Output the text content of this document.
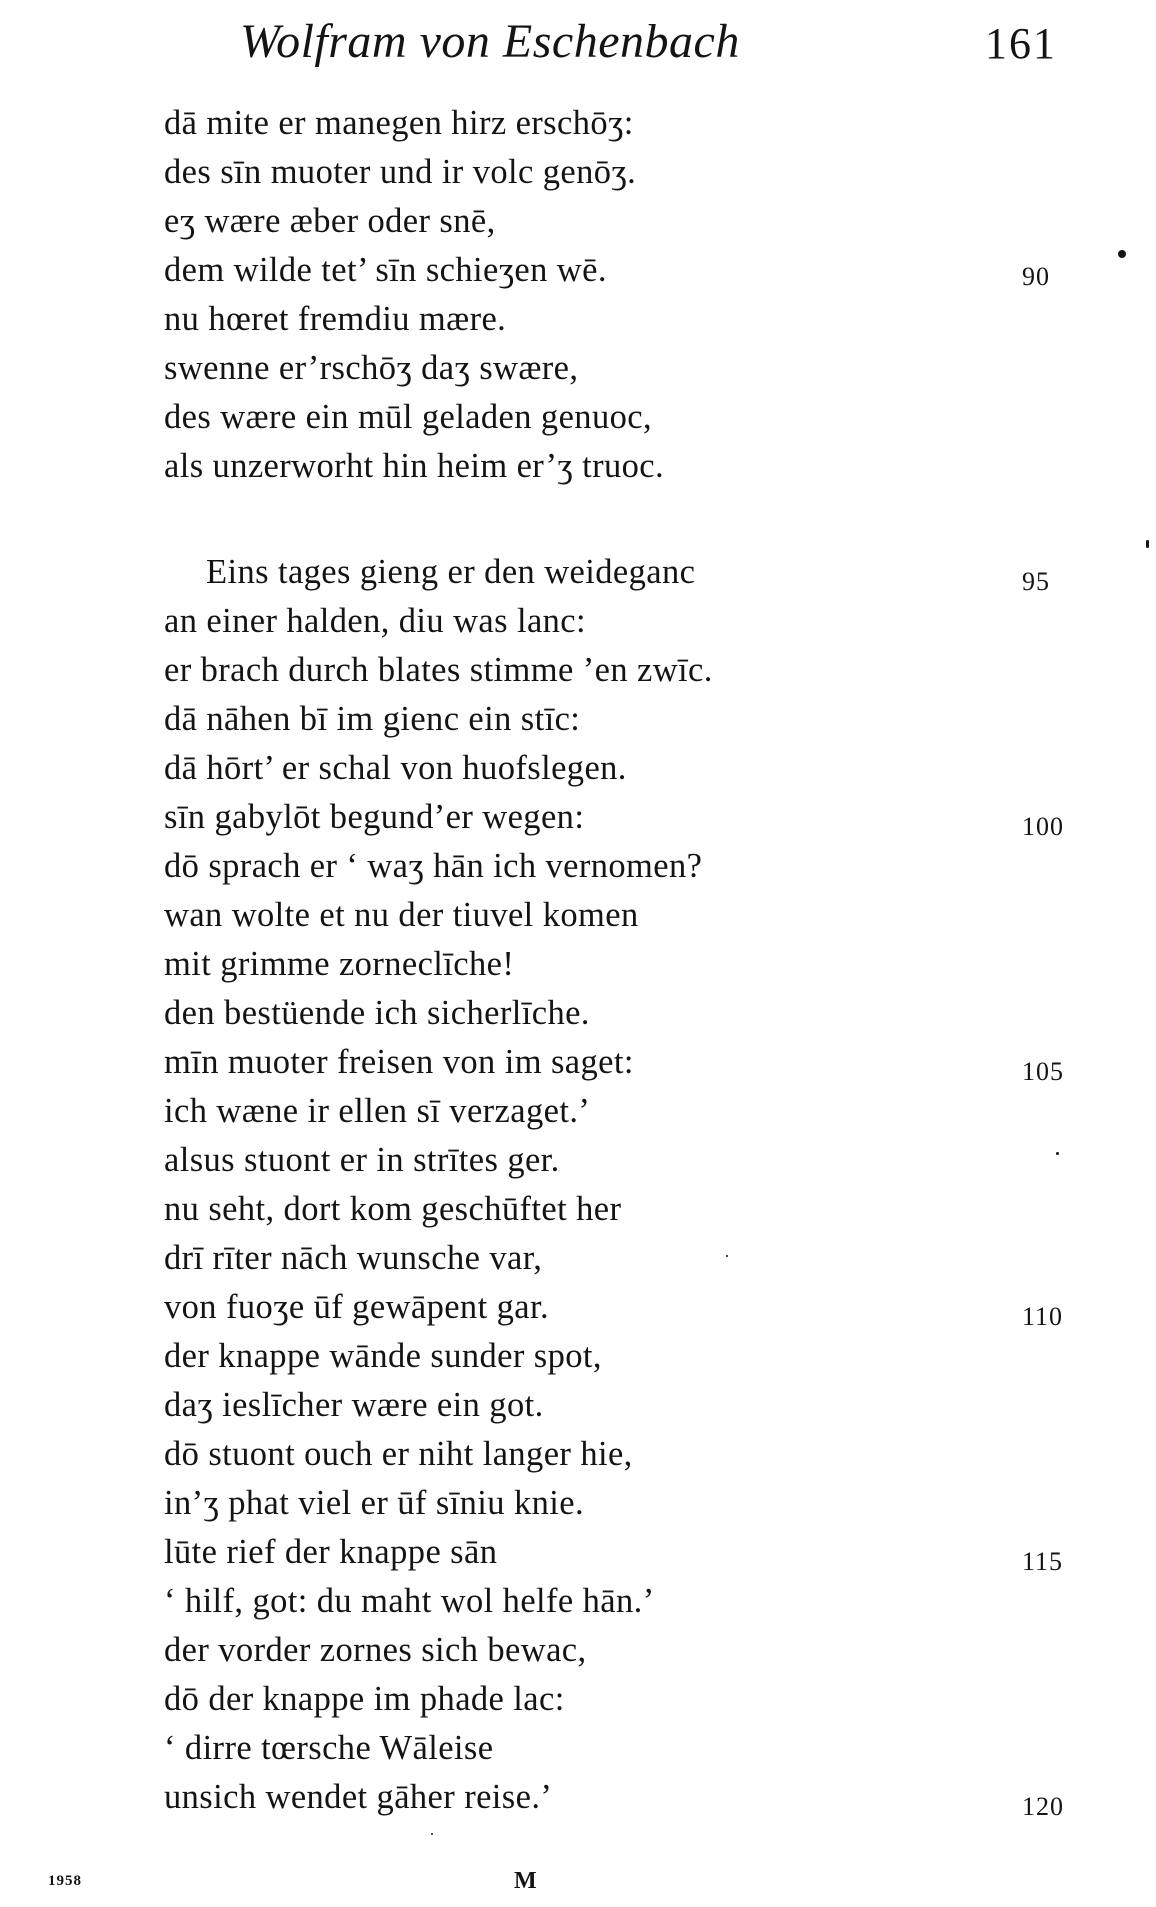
Wolfram von Eschenbach	161
dā mite er manegen hirz erschōʒ:
des sīn muoter und ir volc genōʒ.
eʒ wære æber oder snē,
dem wilde tet’ sīn schieʒen wē.
nu hœret fremdiu mære.
swenne er’rschōʒ daʒ swære,
des wære ein mūl geladen genuoc,
als unzerworht hin heim er’ʒ truoc.
Eins tages gieng er den weideganc
an einer halden, diu was lanc:
er brach durch blates stimme ’en zwīc.
dā nāhen bī im gienc ein stīc:
dā hōrt’ er schal von huofslegen.
sīn gabylōt begund’er wegen:
dō sprach er ‘ waʒ hān ich vernomen?
wan wolte et nu der tiuvel komen
mit grimme zorneclīche!
den bestüende ich sicherlīche.
mīn muoter freisen von im saget:
ich wæne ir ellen sī verzaget.’
alsus stuont er in strītes ger.
nu seht, dort kom geschūftet her
drī rīter nāch wunsche var,
von fuoʒe ūf gewāpent gar.
der knappe wānde sunder spot,
daʒ ieslīcher wære ein got.
dō stuont ouch er niht langer hie,
in’ʒ phat viel er ūf sīniu knie.
lūte rief der knappe sān
‘ hilf, got: du maht wol helfe hān.’
der vorder zornes sich bewac,
dō der knappe im phade lac:
‘ dirre tœrsche Wāleise
unsich wendet gāher reise.’
90
95
100
105
110
115
120
1958	M
